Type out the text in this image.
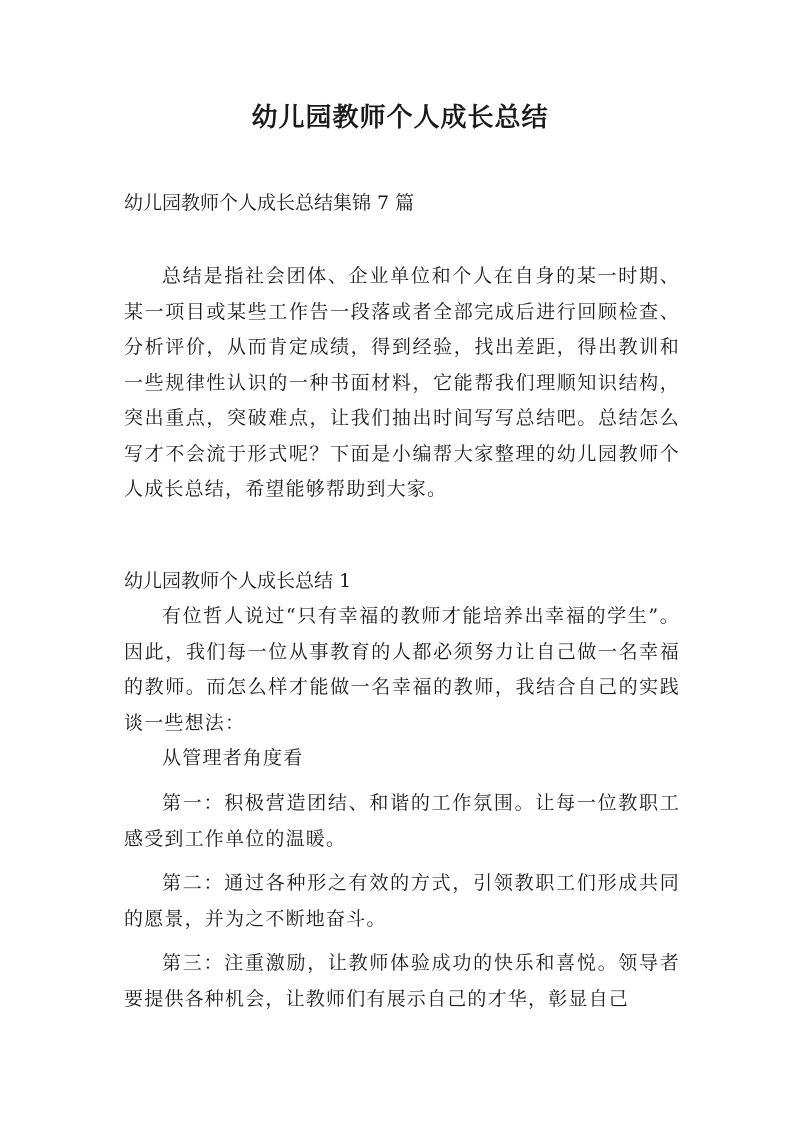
幼儿园教师个人成长总结
幼儿园教师个人成长总结集锦 7 篇
总结是指社会团体、企业单位和个人在自身的某一时期、某一项目或某些工作告一段落或者全部完成后进行回顾检查、分析评价，从而肯定成绩，得到经验，找出差距，得出教训和一些规律性认识的一种书面材料，它能帮我们理顺知识结构，突出重点，突破难点，让我们抽出时间写写总结吧。总结怎么写才不会流于形式呢？下面是小编帮大家整理的幼儿园教师个人成长总结，希望能够帮助到大家。
幼儿园教师个人成长总结 1
有位哲人说过“只有幸福的教师才能培养出幸福的学生”。因此，我们每一位从事教育的人都必须努力让自己做一名幸福的教师。而怎么样才能做一名幸福的教师，我结合自己的实践谈一些想法：
从管理者角度看
第一：积极营造团结、和谐的工作氛围。让每一位教职工感受到工作单位的温暖。
第二：通过各种形之有效的方式，引领教职工们形成共同的愿景，并为之不断地奋斗。
第三：注重激励，让教师体验成功的快乐和喜悦。领导者要提供各种机会，让教师们有展示自己的才华，彰显自己
